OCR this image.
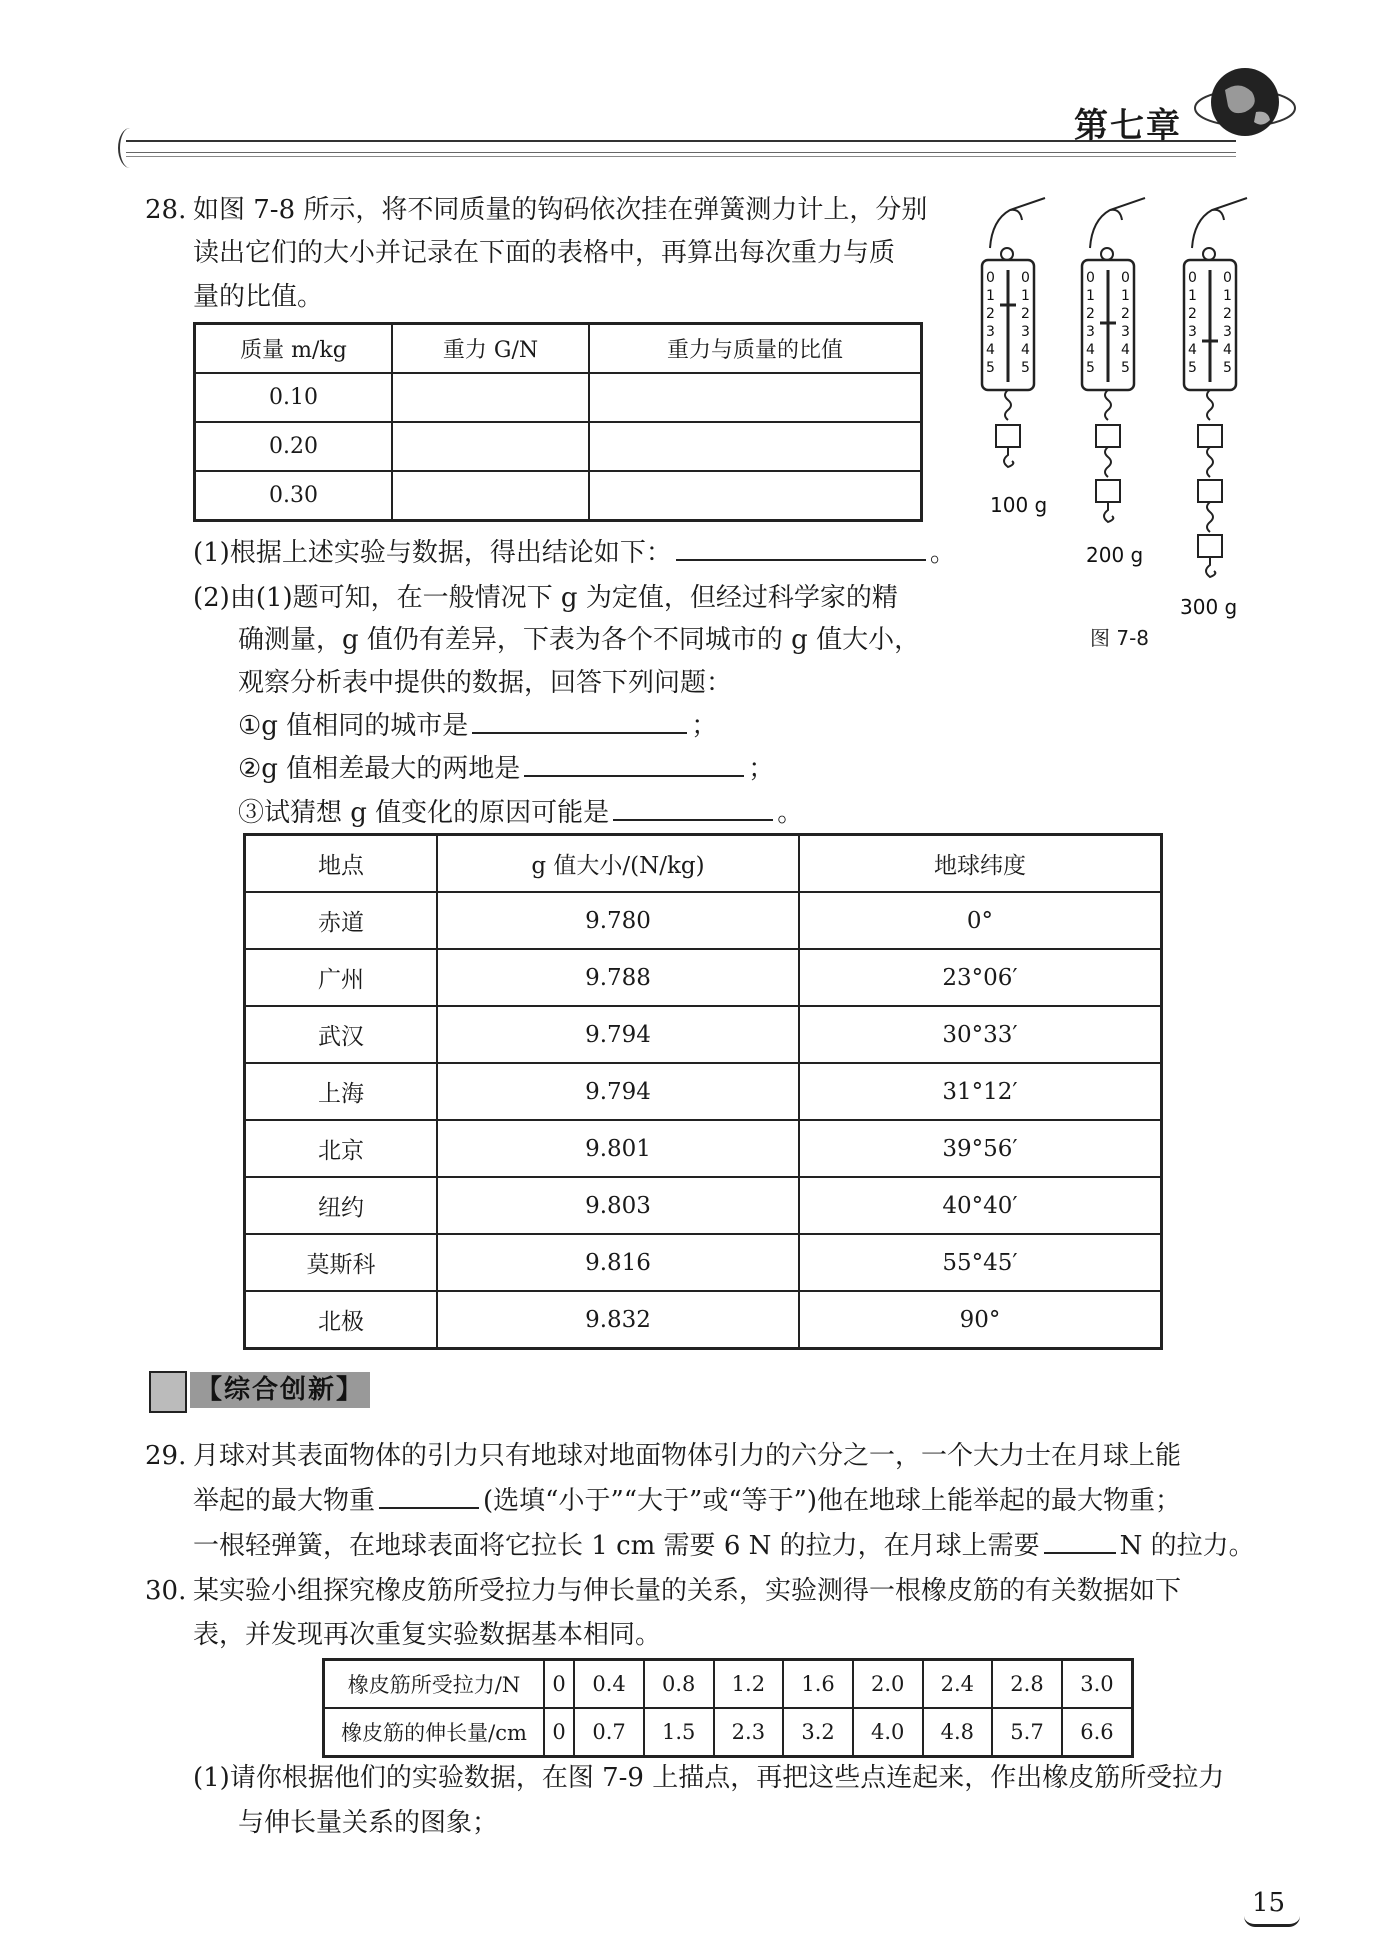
第七章
28. 如图 7-8 所示，将不同质量的钩码依次挂在弹簧测力计上，分别
读出它们的大小并记录在下面的表格中，再算出每次重力与质
量的比值。
质量 m/kg	重力 G/N	重力与质量的比值
0.10		
0.20		
0.30		
(1)根据上述实验与数据，得出结论如下：	。
(2)由(1)题可知，在一般情况下 g 为定值，但经过科学家的精
确测量，g 值仍有差异，下表为各个不同城市的 g 值大小，
观察分析表中提供的数据，回答下列问题：
①g 值相同的城市是	；
②g 值相差最大的两地是	；
③试猜想 g 值变化的原因可能是	。
0
1
2
3
4
5
0
1
2
3
4
5
100 g
0
1
2
3
4
5
0
1
2
3
4
5
200 g
0
1
2
3
4
5
0
1
2
3
4
5
300 g
图 7-8
地点	g 值大小/(N/kg)	地球纬度
赤道	9.780	0°
广州	9.788	23°06′
武汉	9.794	30°33′
上海	9.794	31°12′
北京	9.801	39°56′
纽约	9.803	40°40′
莫斯科	9.816	55°45′
北极	9.832	90°
【综合创新】
29. 月球对其表面物体的引力只有地球对地面物体引力的六分之一，一个大力士在月球上能
举起的最大物重	(选填“小于”“大于”或“等于”)他在地球上能举起的最大物重；
一根轻弹簧，在地球表面将它拉长 1 cm 需要 6 N 的拉力，在月球上需要	N 的拉力。
30. 某实验小组探究橡皮筋所受拉力与伸长量的关系，实验测得一根橡皮筋的有关数据如下
表，并发现再次重复实验数据基本相同。
橡皮筋所受拉力/N	0	0.4	0.8	1.2	1.6	2.0	2.4	2.8	3.0
橡皮筋的伸长量/cm	0	0.7	1.5	2.3	3.2	4.0	4.8	5.7	6.6
(1)请你根据他们的实验数据，在图 7-9 上描点，再把这些点连起来，作出橡皮筋所受拉力
与伸长量关系的图象；
15
